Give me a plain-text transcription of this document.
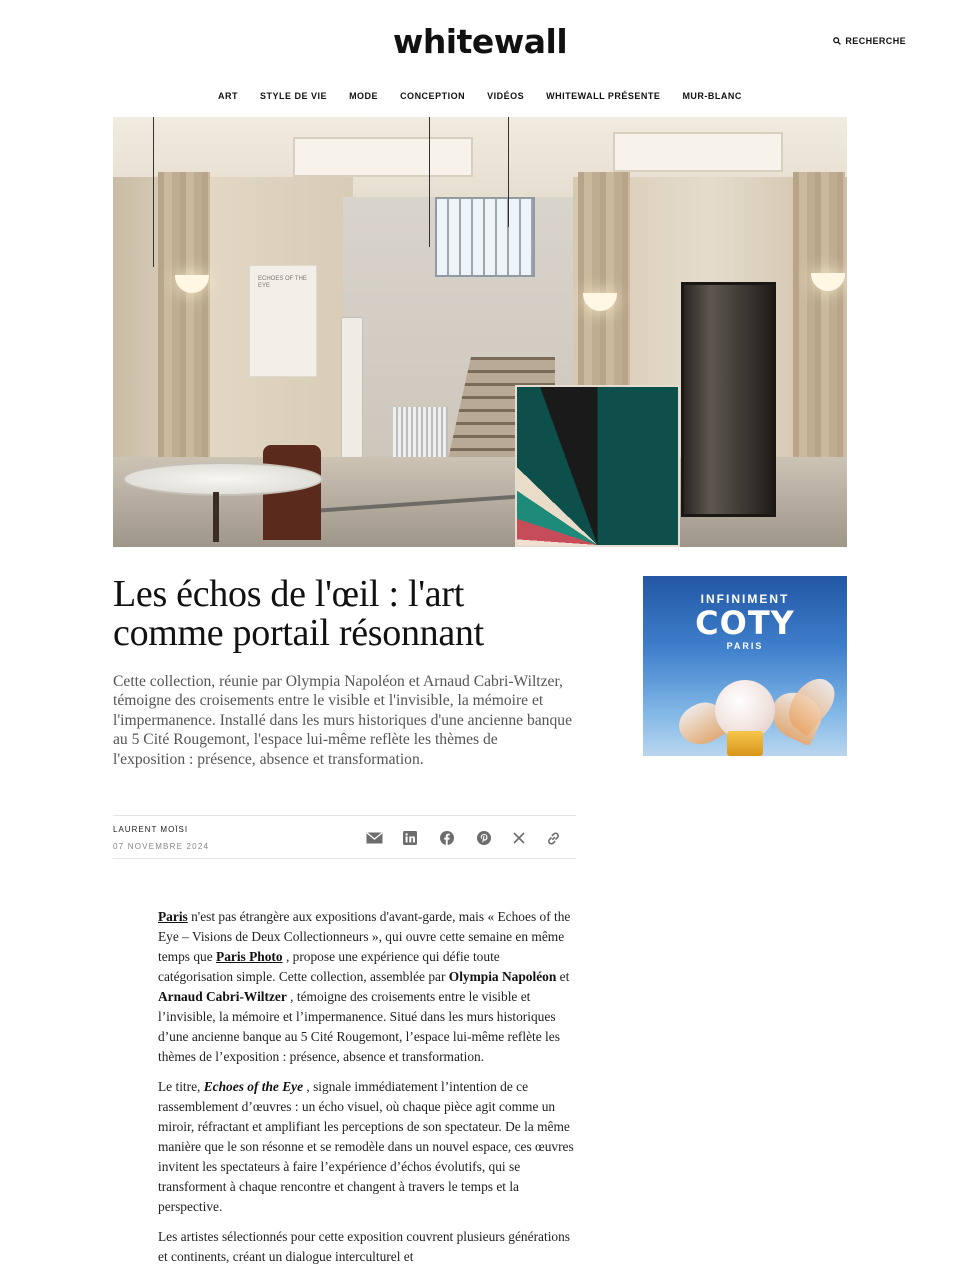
whitewall	RECHERCHE
ART	STYLE DE VIE	MODE	CONCEPTION	VIDÉOS	WHITEWALL PRÉSENTE	MUR-BLANC
ECHOES OF THE EYE
Les échos de l'œil : l'art comme portail résonnant

Cette collection, réunie par Olympia Napoléon et Arnaud Cabri-Wiltzer, témoigne des croisements entre le visible et l'invisible, la mémoire et l'impermanence. Installé dans les murs historiques d'une ancienne banque au 5 Cité Rougemont, l'espace lui-même reflète les thèmes de l'exposition : présence, absence et transformation.

LAURENT MOÏSI
07 NOVEMBRE 2024
INFINIMENT
COTY
PARIS

Paris n'est pas étrangère aux expositions d'avant-garde, mais « Echoes of the Eye – Visions de Deux Collectionneurs », qui ouvre cette semaine en même temps que Paris Photo , propose une expérience qui défie toute catégorisation simple. Cette collection, assemblée par Olympia Napoléon et Arnaud Cabri-Wiltzer , témoigne des croisements entre le visible et l’invisible, la mémoire et l’impermanence. Situé dans les murs historiques d’une ancienne banque au 5 Cité Rougemont, l’espace lui-même reflète les thèmes de l’exposition : présence, absence et transformation.

Le titre, Echoes of the Eye , signale immédiatement l’intention de ce rassemblement d’œuvres : un écho visuel, où chaque pièce agit comme un miroir, réfractant et amplifiant les perceptions de son spectateur. De la même manière que le son résonne et se remodèle dans un nouvel espace, ces œuvres invitent les spectateurs à faire l’expérience d’échos évolutifs, qui se transforment à chaque rencontre et changent à travers le temps et la perspective.

Les artistes sélectionnés pour cette exposition couvrent plusieurs générations et continents, créant un dialogue interculturel et
